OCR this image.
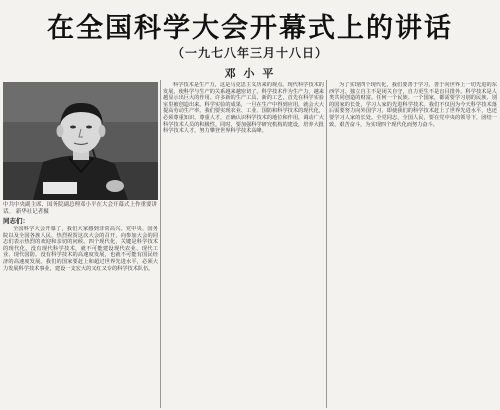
在全国科学大会开幕式上的讲话
（一九七八年三月十八日）
邓 小 平
中共中央副主席、国务院副总理邓小平在大会开幕式上作重要讲话。 新华社记者摄
同志们：

全国科学大会开幕了，我们大家感到非常高兴。党中央、国务院以及全国各族人民，热烈祝贺这次大会的召开，向参加大会的同志们表示热烈的欢迎和亲切的问候。四个现代化，关键是科学技术的现代化。没有现代科学技术，就不可能建设现代农业、现代工业、现代国防。没有科学技术的高速度发展，也就不可能有国民经济的高速度发展。我们的国家要赶上和超过世界先进水平，必须大力发展科学技术事业，建设一支宏大的又红又专的科学技术队伍。

科学技术是生产力，这是马克思主义历来的观点。现代科学技术的发展，使科学与生产的关系越来越密切了。科学技术作为生产力，越来越显示出巨大的作用。许多新的生产工具、新的工艺，首先在科学实验室里被创造出来。科学实验的成果，一旦在生产中得到应用，就会大大提高劳动生产率。我们要实现农业、工业、国防和科学技术的现代化，必须尊重知识、尊重人才，正确认识科学技术的地位和作用，调动广大科学技术人员的积极性。同时，要加强科学研究机构的建设，培养大批科学技术人才，努力攀登世界科学技术高峰。

为了实现四个现代化，我们要善于学习，善于向世界上一切先进的东西学习。独立自主不是闭关自守，自力更生不是盲目排外。科学技术是人类共同创造的财富。任何一个民族、一个国家，都需要学习别的民族、别的国家的长处，学习人家的先进科学技术。我们不仅因为今天科学技术落后需要努力向外国学习，即使我们的科学技术赶上了世界先进水平，也还要学习人家的长处。全党同志，全国人民，要在党中央的领导下，团结一致，艰苦奋斗，为实现四个现代化而努力奋斗。
